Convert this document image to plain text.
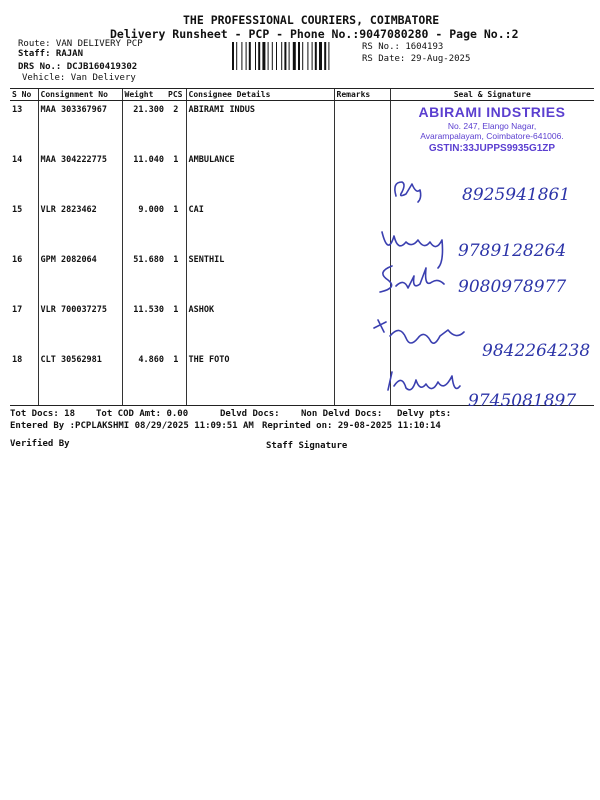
THE PROFESSIONAL COURIERS, COIMBATORE
Delivery Runsheet - PCP - Phone No.:9047080280 - Page No.:2
Route: VAN DELIVERY PCP
Staff: RAJAN
DRS No.: DCJB160419302
Vehicle: Van Delivery
RS No.: 1604193
RS Date: 29-Aug-2025
S No	Consignment No	Weight	PCS	Consignee Details	Remarks	Seal & Signature
13	MAA 303367967	21.300	2	ABIRAMI INDUS		
14	MAA 304222775	11.040	1	AMBULANCE		
15	VLR 2823462	9.000	1	CAI		
16	GPM 2082064	51.680	1	SENTHIL		
17	VLR 700037275	11.530	1	ASHOK		
18	CLT 30562981	4.860	1	THE FOTO		
ABIRAMI INDSTRIES
No. 247, Elango Nagar,
Avarampalayam, Coimbatore-641006.
GSTIN:33JUPPS9935G1ZP
8925941861
9789128264
9080978977
9842264238
9745081897
Tot Docs: 18 Tot COD Amt: 0.00	Delvd Docs: Non Delvd Docs: Delvy pts:
Entered By :PCPLAKSHMI 08/29/2025 11:09:51 AM Reprinted on: 29-08-2025 11:10:14
Verified By	Staff Signature
